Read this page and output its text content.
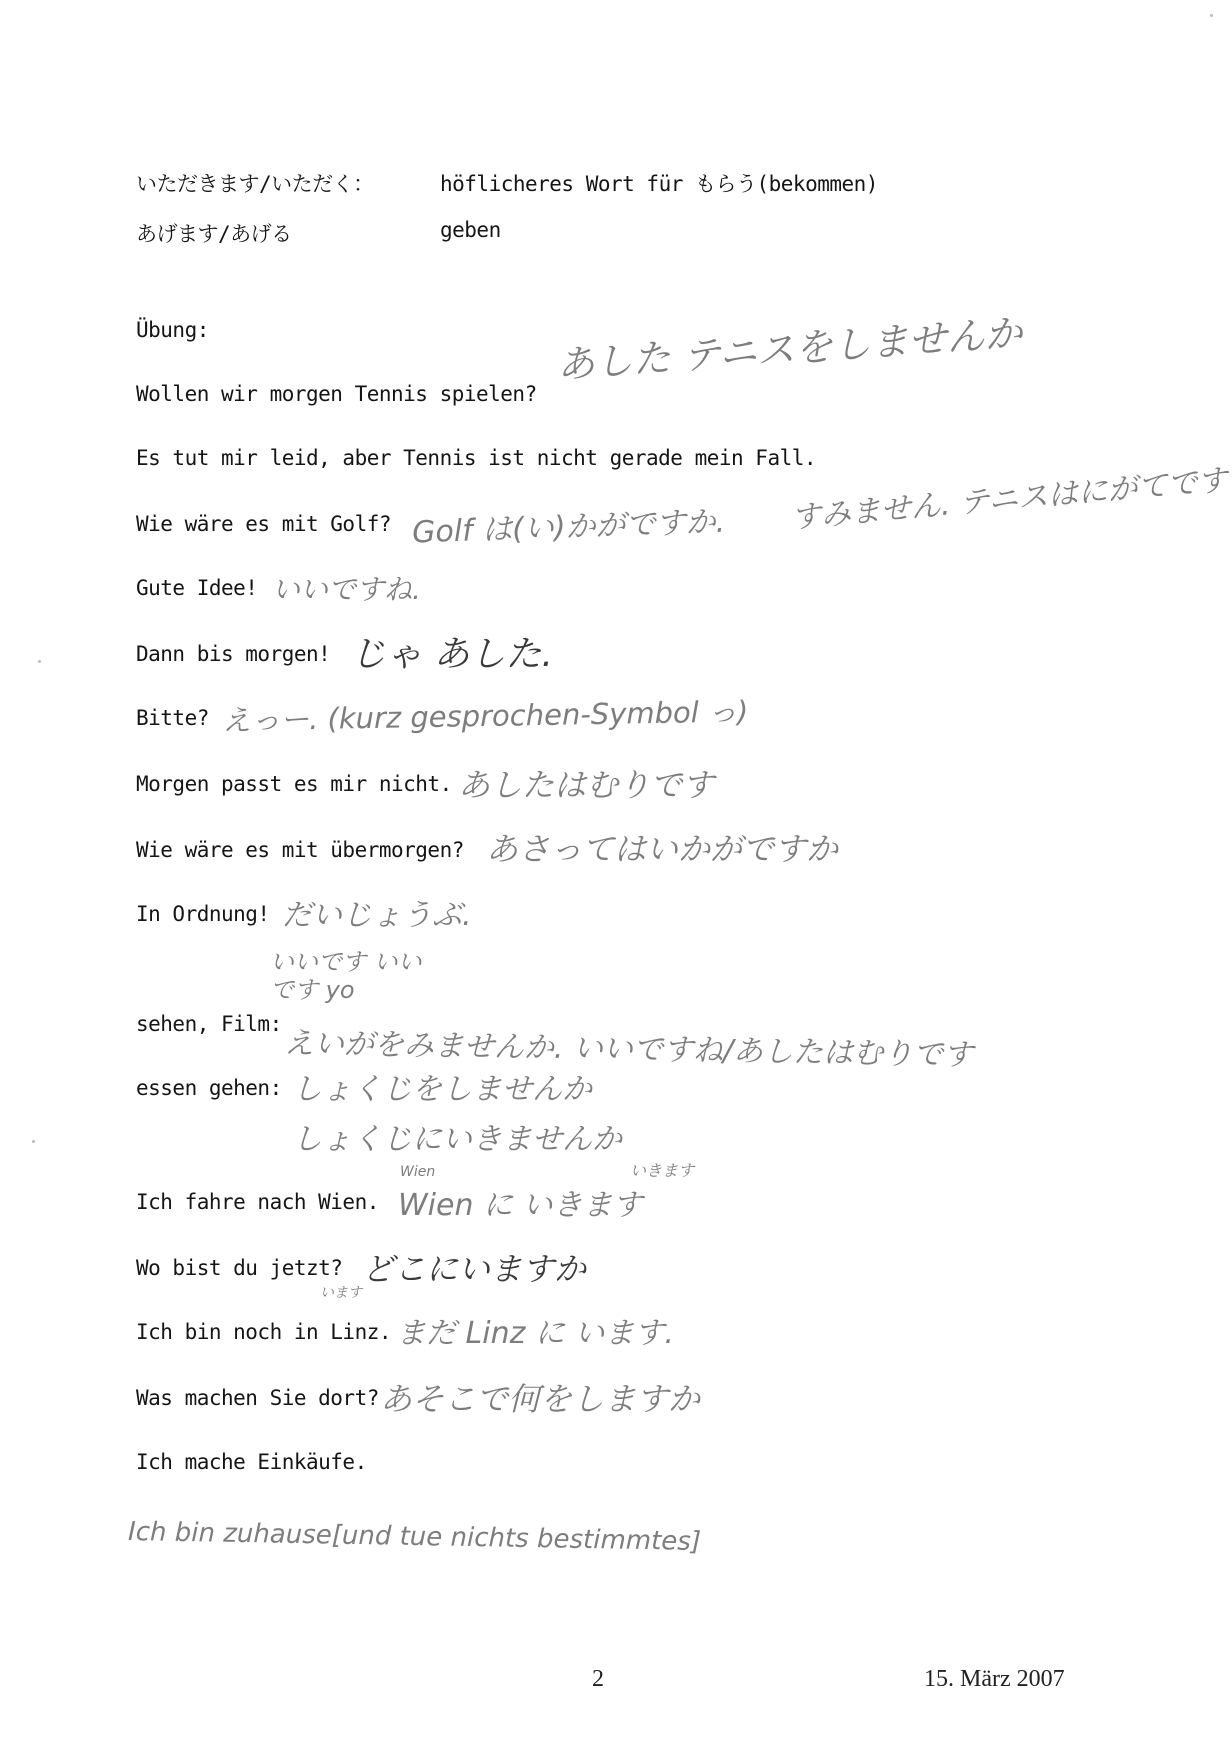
いただきます/いただく：	höflicheres Wort für もらう(bekommen)
あげます/あげる	geben
Übung:
Wollen wir morgen Tennis spielen?
あした テニスをしませんか
Es tut mir leid, aber Tennis ist nicht gerade mein Fall.
すみません. テニスはにがてです
Wie wäre es mit Golf? Golf は(い)かがですか.
Gute Idee! いいですね.
Dann bis morgen! じゃ あした.
Bitte? えっー. (kurz gesprochen-Symbol っ)
Morgen passt es mir nicht. あしたはむりです
Wie wäre es mit übermorgen? あさってはいかがですか
In Ordnung! だいじょうぶ.
いいです いいです yo
sehen, Film:
えいがをみませんか. いいですね/あしたはむりです
essen gehen: しょくじをしませんか
しょくじにいきませんか
Wien	いきます
Ich fahre nach Wien. Wien に いきます
Wo bist du jetzt? どこにいますか
います
Ich bin noch in Linz. まだ Linz に います.
Was machen Sie dort? あそこで何をしますか
Ich mache Einkäufe.
Ich bin zuhause[und tue nichts bestimmtes]
2	15. März 2007
